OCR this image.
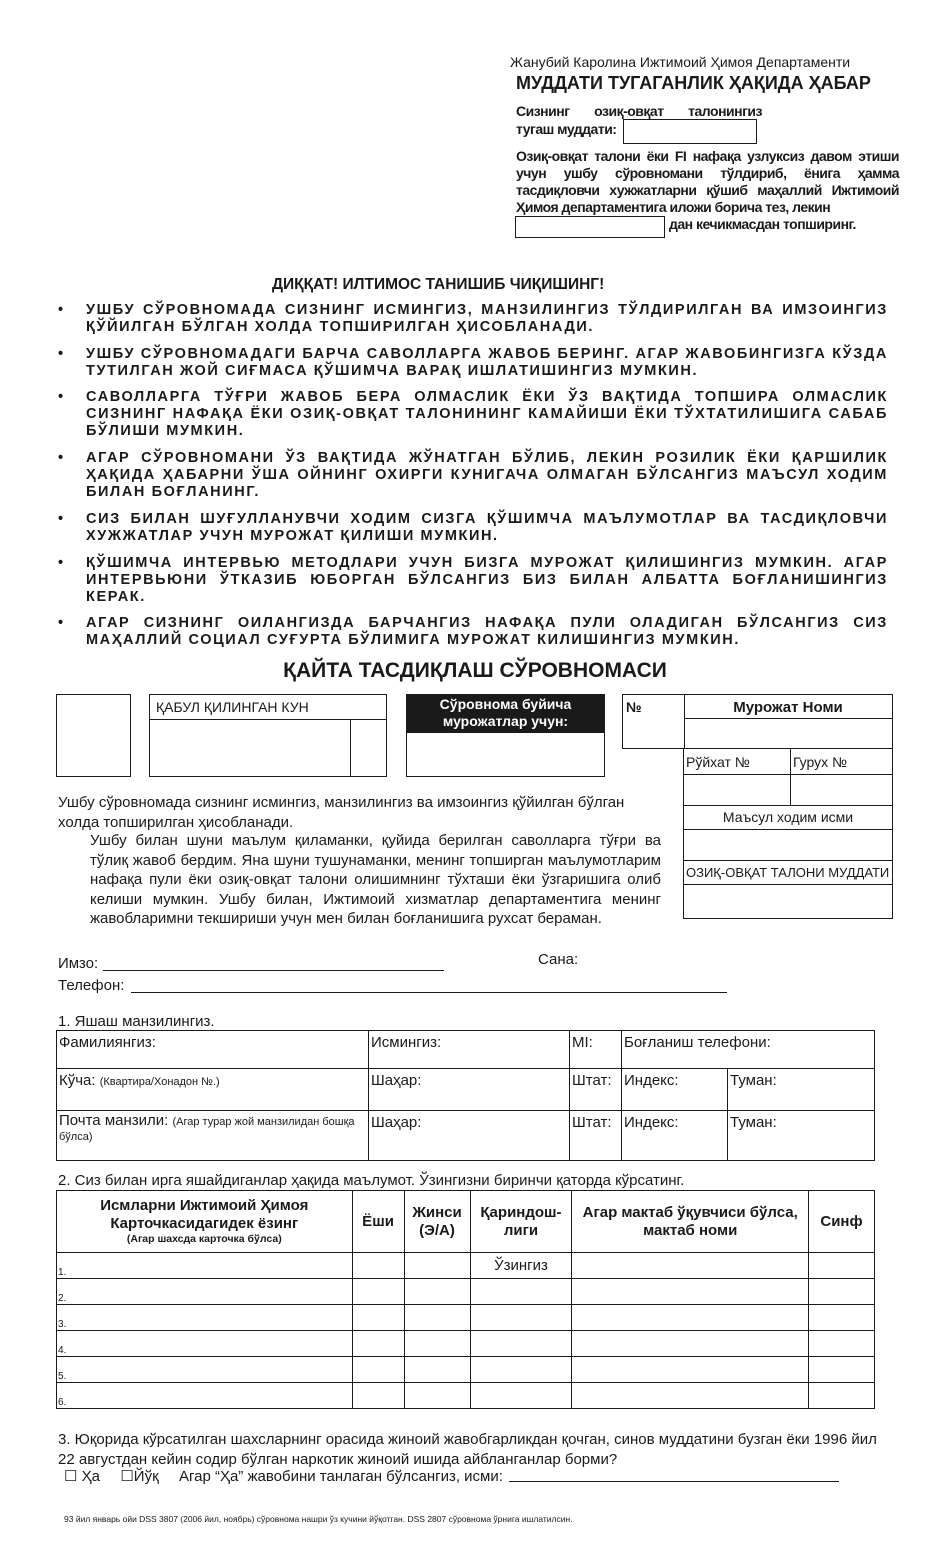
Жанубий Каролина Ижтимоий Ҳимоя Департаменти
МУДДАТИ ТУГАГАНЛИК ҲАҚИДА ҲАБАР
Сизнинг озиқ-овқат талонингиз
тугаш муддати:
Озиқ-овқат талони ёки FI нафақа узлуксиз давом этиши учун ушбу сўровномани тўлдириб, ёнига ҳамма тасдиқловчи хужжатларни қўшиб маҳаллий Ижтимоий Ҳимоя департаментига иложи борича тез, лекин
дан кечикмасдан топширинг.
ДИҚҚАТ! ИЛТИМОС ТАНИШИБ ЧИҚИШИНГ!
• УШБУ СЎРОВНОМАДА СИЗНИНГ ИСМИНГИЗ, МАНЗИЛИНГИЗ ТЎЛДИРИЛГАН ВА ИМЗОИНГИЗ ҚЎЙИЛГАН БЎЛГАН ХОЛДА ТОПШИРИЛГАН ҲИСОБЛАНАДИ.
• УШБУ СЎРОВНОМАДАГИ БАРЧА САВОЛЛАРГА ЖАВОБ БЕРИНГ. АГАР ЖАВОБИНГИЗГА КЎЗДА ТУТИЛГАН ЖОЙ СИҒМАСА ҚЎШИМЧА ВАРАҚ ИШЛАТИШИНГИЗ МУМКИН.
• САВОЛЛАРГА ТЎҒРИ ЖАВОБ БЕРА ОЛМАСЛИК ЁКИ ЎЗ ВАҚТИДА ТОПШИРА ОЛМАСЛИК СИЗНИНГ НАФАҚА ЁКИ ОЗИҚ-ОВҚАТ ТАЛОНИНИНГ КАМАЙИШИ ЁКИ ТЎХТАТИЛИШИГА САБАБ БЎЛИШИ МУМКИН.
• АГАР СЎРОВНОМАНИ ЎЗ ВАҚТИДА ЖЎНАТГАН БЎЛИБ, ЛЕКИН РОЗИЛИК ЁКИ ҚАРШИЛИК ҲАҚИДА ҲАБАРНИ ЎША ОЙНИНГ ОХИРГИ КУНИГАЧА ОЛМАГАН БЎЛСАНГИЗ МАЪСУЛ ХОДИМ БИЛАН БОҒЛАНИНГ.
• СИЗ БИЛАН ШУҒУЛЛАНУВЧИ ХОДИМ СИЗГА ҚЎШИМЧА МАЪЛУМОТЛАР ВА ТАСДИҚЛОВЧИ ХУЖЖАТЛАР УЧУН МУРОЖАТ ҚИЛИШИ МУМКИН.
• ҚЎШИМЧА ИНТЕРВЬЮ МЕТОДЛАРИ УЧУН БИЗГА МУРОЖАТ ҚИЛИШИНГИЗ МУМКИН. АГАР ИНТЕРВЬЮНИ ЎТКАЗИБ ЮБОРГАН БЎЛСАНГИЗ БИЗ БИЛАН АЛБАТТА БОҒЛАНИШИНГИЗ КЕРАК.
• АГАР СИЗНИНГ ОИЛАНГИЗДА БАРЧАНГИЗ НАФАҚА ПУЛИ ОЛАДИГАН БЎЛСАНГИЗ СИЗ МАҲАЛЛИЙ СОЦИАЛ СУҒУРТА БЎЛИМИГА МУРОЖАТ КИЛИШИНГИЗ МУМКИН.
ҚАЙТА ТАСДИҚЛАШ СЎРОВНОМАСИ
ҚАБУЛ ҚИЛИНГАН КУН	Сўровнома буйича мурожатлар учун:
№	Мурожат Номи
Рўйхат №	Гурух №
Маъсул ходим исми
ОЗИҚ-ОВҚАТ ТАЛОНИ МУДДАТИ
Ушбу сўровномада сизнинг исмингиз, манзилингиз ва имзоингиз қўйилган бўлган холда топширилган ҳисобланади.
Ушбу билан шуни маълум қиламанки, қуйида берилган саволларга тўғри ва тўлиқ жавоб бердим. Яна шуни тушунаманки, менинг топширган маълумотларим нафақа пули ёки озиқ-овқат талони олишимнинг тўхташи ёки ўзгаришига олиб келиши мумкин. Ушбу билан, Ижтимоий хизматлар департаментига менинг жавобларимни текшириши учун мен билан боғланишига рухсат бераман.
Имзо:	Сана:
Телефон:
1. Яшаш манзилингиз.
Фамилиянгиз:	Исмингиз:	MI:	Боғланиш телефони:	
Кўча: (Квартира/Хонадон №.)	Шаҳар:	Штат:	Индекс:	Туман:
Почта манзили: (Агар турар жой манзилидан бошқа бўлса)	Шаҳар:	Штат:	Индекс:	Туман:
2. Сиз билан ирга яшайдиганлар ҳақида маълумот. Ўзингизни биринчи қаторда кўрсатинг.
Исмларни Ижтимоий Ҳимоя Карточкасидагидек ёзинг
(Агар шахсда карточка бўлса)	Ёши	Жинси (Э/А)	Қариндош-лиги	Агар мактаб ўқувчиси бўлса, мактаб номи	Синф
1.			Ўзингиз		
2.					
3.					
4.					
5.					
6.					
3. Юқорида кўрсатилган шахсларнинг орасида жиноий жавобгарликдан қочган, синов муддатини бузган ёки 1996 йил 22 августдан кейин содир бўлган наркотик жиноий ишида айбланганлар борми?
☐ Ҳа ☐Йўқ Агар “Ҳа” жавобини танлаган бўлсангиз, исми:
93 йил январь ойи DSS 3807 (2006 йил, ноябрь) сўровнома нашри ўз кучини йўқотган. DSS 2807 сўровнома ўрнига ишлатилсин.
